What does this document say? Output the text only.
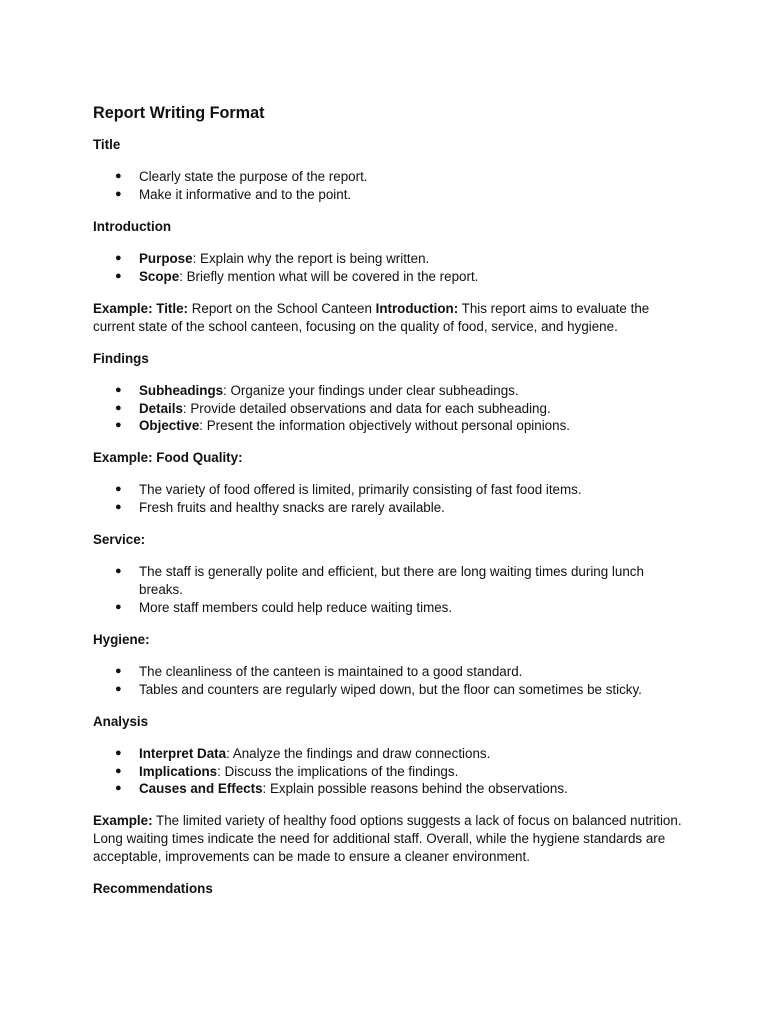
Report Writing Format
Title
● Clearly state the purpose of the report.
● Make it informative and to the point.
Introduction
● Purpose: Explain why the report is being written.
● Scope: Briefly mention what will be covered in the report.
Example: Title: Report on the School Canteen Introduction: This report aims to evaluate the current state of the school canteen, focusing on the quality of food, service, and hygiene.
Findings
● Subheadings: Organize your findings under clear subheadings.
● Details: Provide detailed observations and data for each subheading.
● Objective: Present the information objectively without personal opinions.
Example: Food Quality:
● The variety of food offered is limited, primarily consisting of fast food items.
● Fresh fruits and healthy snacks are rarely available.
Service:
● The staff is generally polite and efficient, but there are long waiting times during lunch breaks.
● More staff members could help reduce waiting times.
Hygiene:
● The cleanliness of the canteen is maintained to a good standard.
● Tables and counters are regularly wiped down, but the floor can sometimes be sticky.
Analysis
● Interpret Data: Analyze the findings and draw connections.
● Implications: Discuss the implications of the findings.
● Causes and Effects: Explain possible reasons behind the observations.
Example: The limited variety of healthy food options suggests a lack of focus on balanced nutrition. Long waiting times indicate the need for additional staff. Overall, while the hygiene standards are acceptable, improvements can be made to ensure a cleaner environment.
Recommendations
